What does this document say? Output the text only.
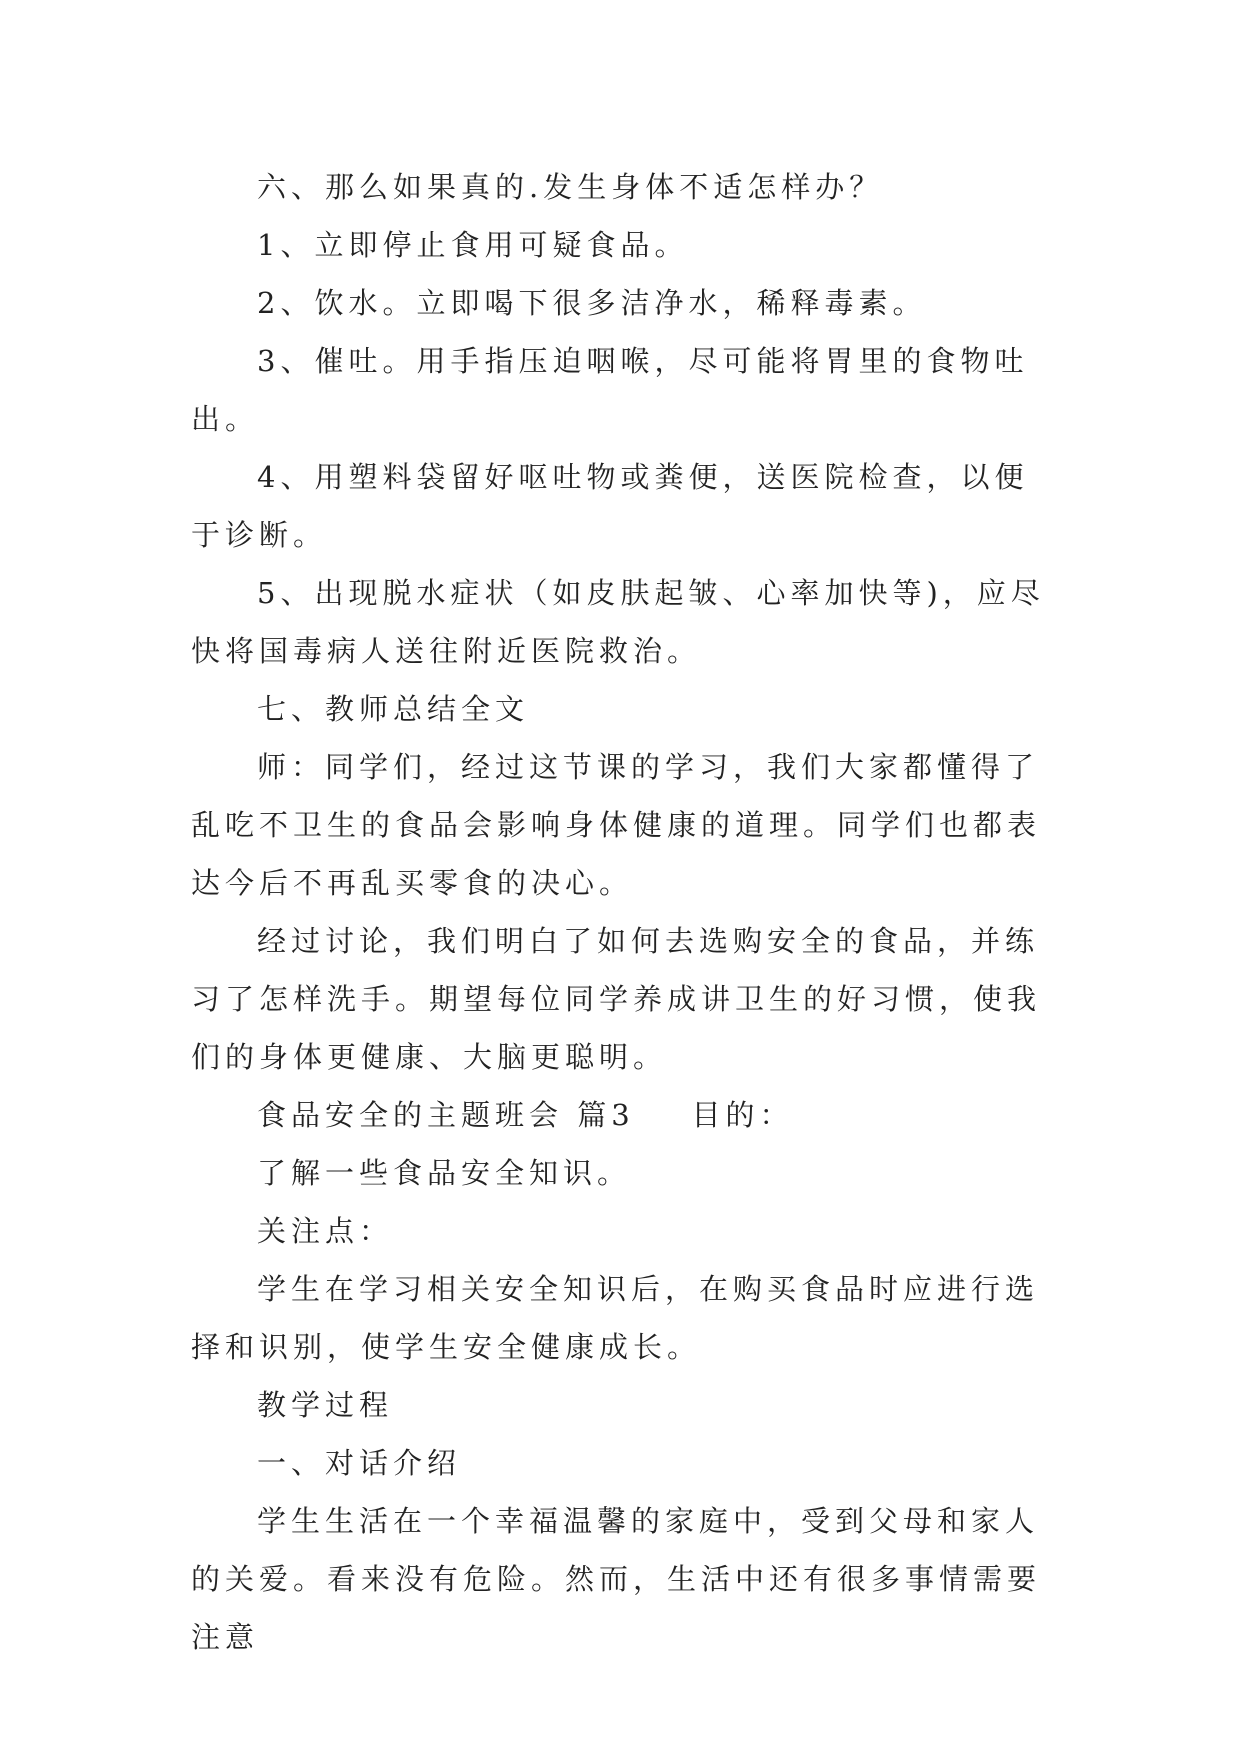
六、那么如果真的.发生身体不适怎样办？

1、立即停止食用可疑食品。

2、饮水。立即喝下很多洁净水，稀释毒素。

3、催吐。用手指压迫咽喉，尽可能将胃里的食物吐出。

4、用塑料袋留好呕吐物或粪便，送医院检查，以便于诊断。

5、出现脱水症状（如皮肤起皱、心率加快等)，应尽快将国毒病人送往附近医院救治。

七、教师总结全文

师：同学们，经过这节课的学习，我们大家都懂得了乱吃不卫生的食品会影响身体健康的道理。同学们也都表达今后不再乱买零食的决心。

经过讨论，我们明白了如何去选购安全的食品，并练习了怎样洗手。期望每位同学养成讲卫生的好习惯，使我们的身体更健康、大脑更聪明。

食品安全的主题班会 篇3    目的：

了解一些食品安全知识。

关注点：

学生在学习相关安全知识后，在购买食品时应进行选择和识别，使学生安全健康成长。

教学过程

一、对话介绍

学生生活在一个幸福温馨的家庭中，受到父母和家人的关爱。看来没有危险。然而，生活中还有很多事情需要注意
